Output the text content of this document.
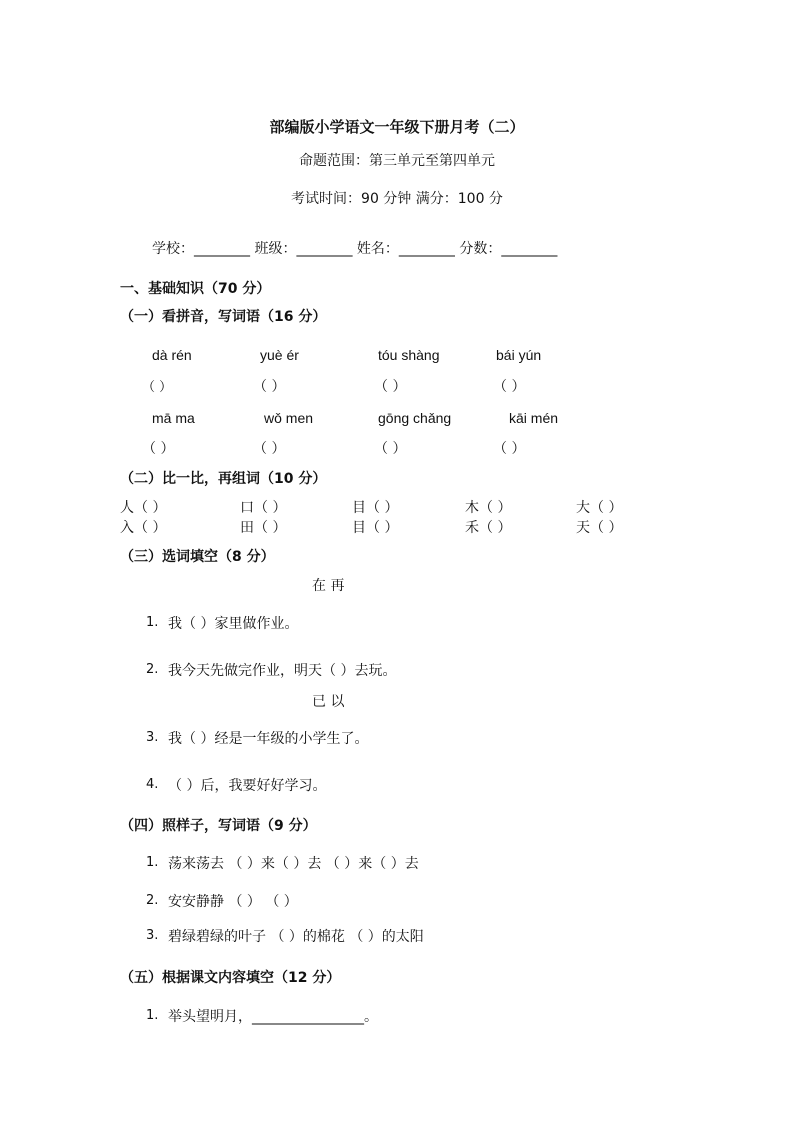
部编版小学语文一年级下册月考（二）
命题范围：第三单元至第四单元
考试时间：90 分钟 满分：100 分
学校：________ 班级：________ 姓名：________ 分数：________
一、基础知识（70 分）
（一）看拼音，写词语（16 分）
dà rén	yuè ér	tóu shàng	bái yún
（ ）	（ ）	（ ）	（ ）
mā ma	wǒ men	gōng chǎng	kāi mén
（ ）	（ ）	（ ）	（ ）
（二）比一比，再组词（10 分）
人（ ）	口（ ）	目（ ）	木（ ）	大（ ）
入（ ）	田（ ）	目（ ）	禾（ ）	天（ ）
（三）选词填空（8 分）
在 再
1. 我（ ）家里做作业。
2. 我今天先做完作业，明天（ ）去玩。
已 以
3. 我（ ）经是一年级的小学生了。
4. （ ）后，我要好好学习。
（四）照样子，写词语（9 分）
1. 荡来荡去 （ ）来（ ）去 （ ）来（ ）去
2. 安安静静 （ ） （ ）
3. 碧绿碧绿的叶子 （ ）的棉花 （ ）的太阳
（五）根据课文内容填空（12 分）
1. 举头望明月，________________。
